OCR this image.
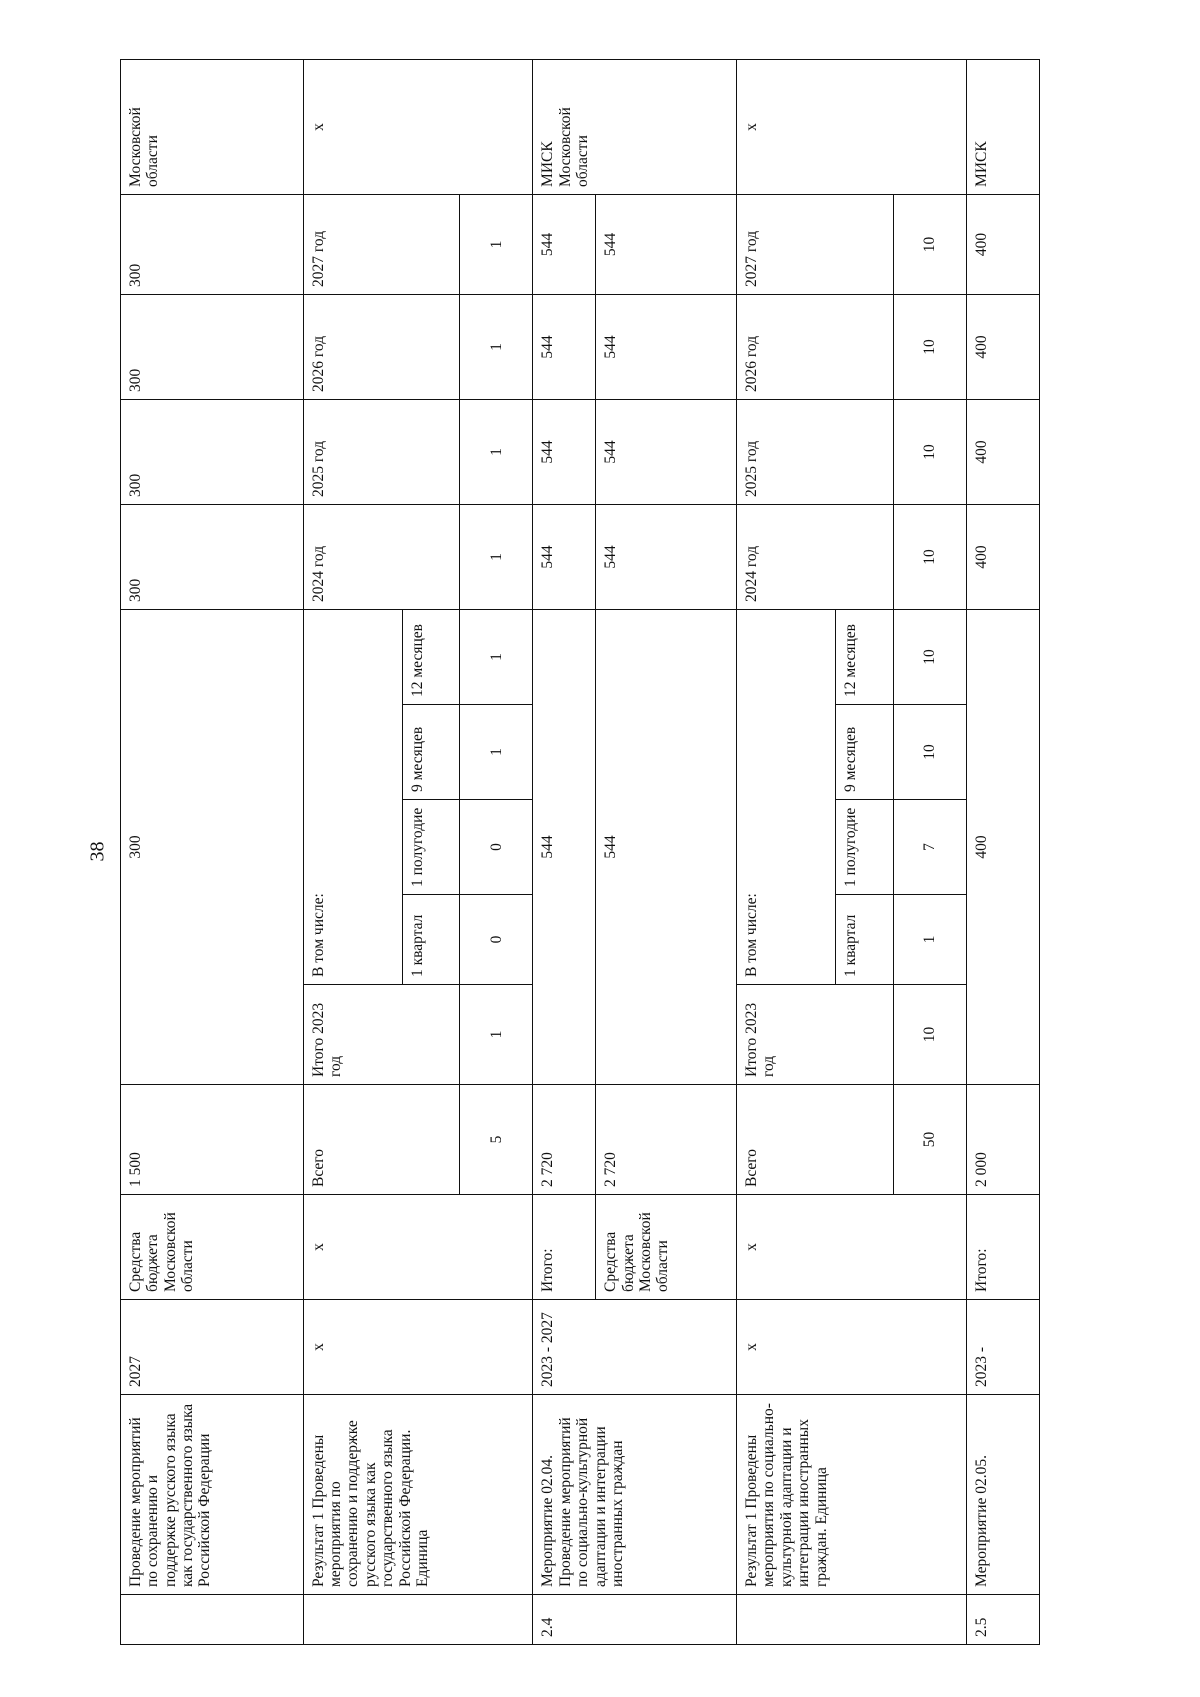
38
	Проведение мероприятий по сохранению и поддержке русского языка как государственного языка Российской Федерации	2027	Средства бюджета Московской области	1 500	300					300	300	300	300	Московской области
	Результат 1 Проведены мероприятия по сохранению и поддержке русского языка как государственного языка Российской Федерации. Единица	x	x	Всего	Итого 2023 год	В том числе:				2024 год	2025 год	2026 год	2027 год	x
						1 квартал	1 полугодие	9 месяцев	12 месяцев					
				5	1	0	0	1	1	1	1	1	1	
2.4	Мероприятие 02.04. Проведение мероприятий по социально-культурной адаптации и интеграции иностранных граждан	2023 - 2027	Итого:	2 720	544					544	544	544	544	МИСК Московской области
			Средства бюджета Московской области	2 720	544					544	544	544	544	
	Результат 1 Проведены мероприятия по социально-культурной адаптации и интеграции иностранных граждан. Единица	x	x	Всего	Итого 2023 год	В том числе:				2024 год	2025 год	2026 год	2027 год	x
						1 квартал	1 полугодие	9 месяцев	12 месяцев					
				50	10	1	7	10	10	10	10	10	10	
2.5	Мероприятие 02.05.	2023 -	Итого:	2 000	400					400	400	400	400	МИСК
